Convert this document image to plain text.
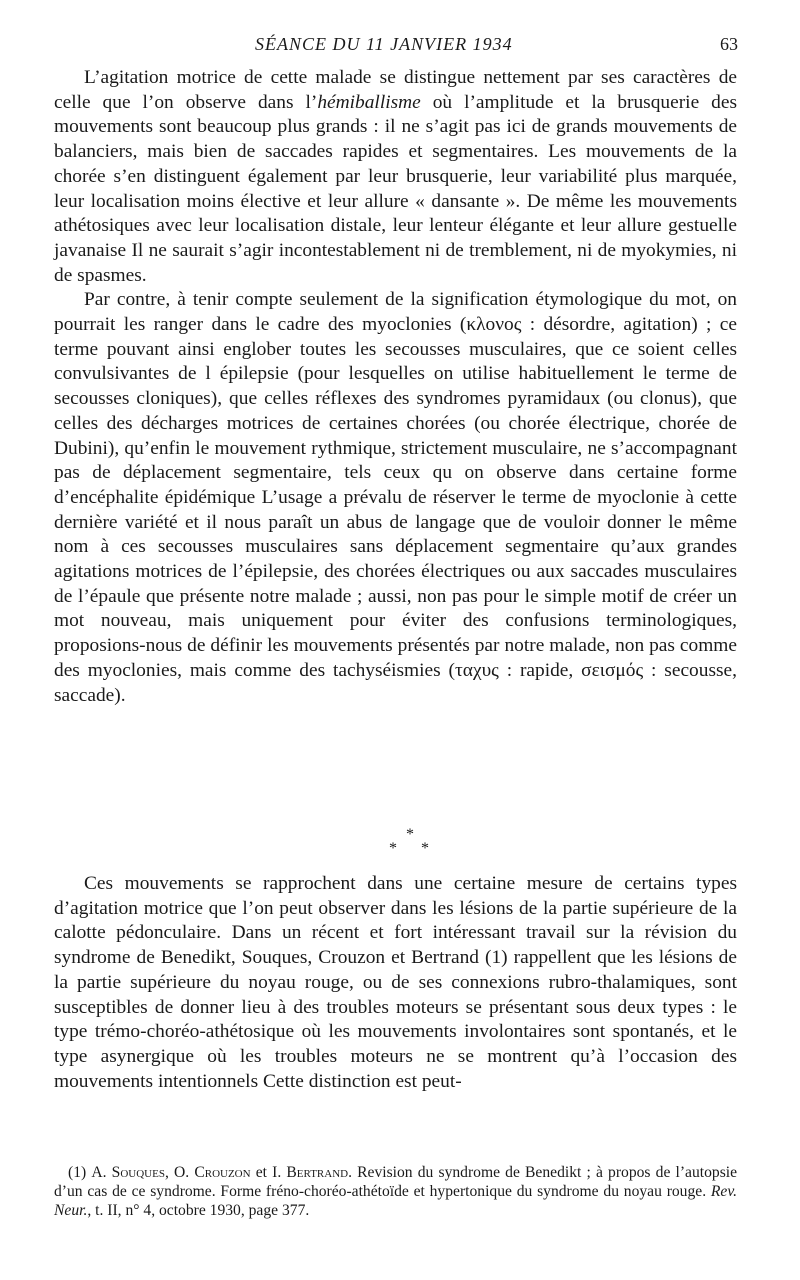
SÉANCE DU 11 JANVIER 1934	63

L’agitation motrice de cette malade se distingue nettement par ses caractères de celle que l’on observe dans l’hémiballisme où l’amplitude et la brusquerie des mouvements sont beaucoup plus grands : il ne s’agit pas ici de grands mouvements de balanciers, mais bien de saccades rapides et segmentaires. Les mouvements de la chorée s’en distinguent également par leur brusquerie, leur variabilité plus marquée, leur localisation moins élective et leur allure « dansante ». De même les mouvements athétosiques avec leur localisation distale, leur lenteur élégante et leur allure gestuelle javanaise Il ne saurait s’agir incontestablement ni de tremblement, ni de myokymies, ni de spasmes.

Par contre, à tenir compte seulement de la signification étymologique du mot, on pourrait les ranger dans le cadre des myoclonies (κλονος : désordre, agitation) ; ce terme pouvant ainsi englober toutes les secousses musculaires, que ce soient celles convulsivantes de l épilepsie (pour lesquelles on utilise habituellement le terme de secousses cloniques), que celles réflexes des syndromes pyramidaux (ou clonus), que celles des décharges motrices de certaines chorées (ou chorée électrique, chorée de Dubini), qu’enfin le mouvement rythmique, strictement musculaire, ne s’accompagnant pas de déplacement segmentaire, tels ceux qu on observe dans certaine forme d’encéphalite épidémique L’usage a prévalu de réserver le terme de myoclonie à cette dernière variété et il nous paraît un abus de langage que de vouloir donner le même nom à ces secousses musculaires sans déplacement segmentaire qu’aux grandes agitations motrices de l’épilepsie, des chorées électriques ou aux saccades musculaires de l’épaule que présente notre malade ; aussi, non pas pour le simple motif de créer un mot nouveau, mais uniquement pour éviter des confusions terminologiques, proposions-nous de définir les mouvements présentés par notre malade, non pas comme des myoclonies, mais comme des tachyséismies (ταχυς : rapide, σεισμός : secousse, saccade).

*
* *

Ces mouvements se rapprochent dans une certaine mesure de certains types d’agitation motrice que l’on peut observer dans les lésions de la partie supérieure de la calotte pédonculaire. Dans un récent et fort intéressant travail sur la révision du syndrome de Benedikt, Souques, Crouzon et Bertrand (1) rappellent que les lésions de la partie supérieure du noyau rouge, ou de ses connexions rubro-thalamiques, sont susceptibles de donner lieu à des troubles moteurs se présentant sous deux types : le type trémo-choréo-athétosique où les mouvements involontaires sont spontanés, et le type asynergique où les troubles moteurs ne se montrent qu’à l’occasion des mouvements intentionnels Cette distinction est peut-

(1) A. Souques, O. Crouzon et I. Bertrand. Revision du syndrome de Benedikt ; à propos de l’autopsie d’un cas de ce syndrome. Forme fréno-choréo-athétoïde et hypertonique du syndrome du noyau rouge. Rev. Neur., t. II, n° 4, octobre 1930, page 377.
